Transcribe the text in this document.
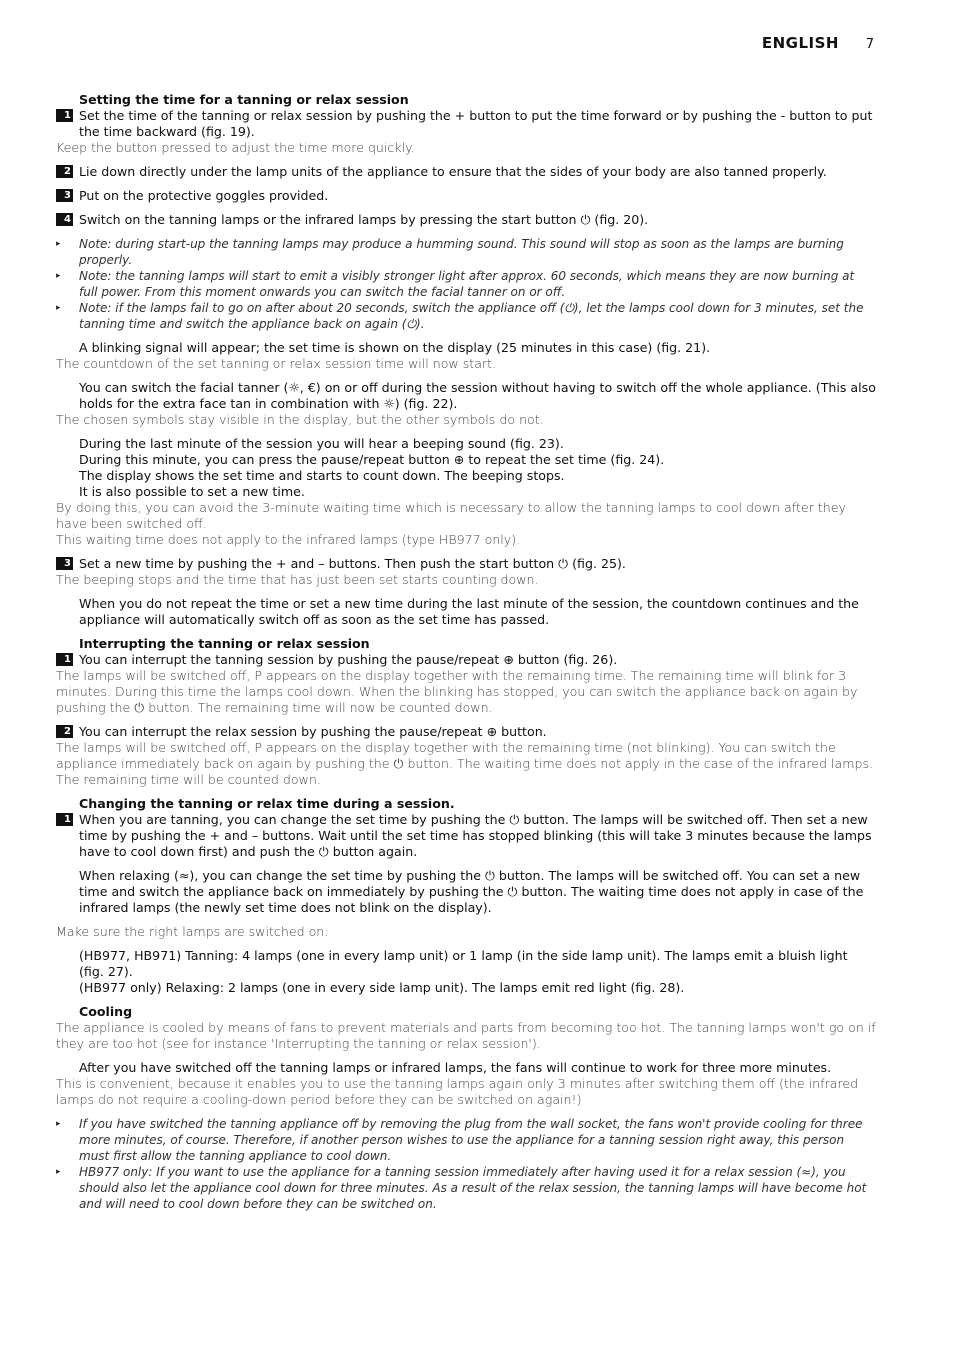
ENGLISH 7
Setting the time for a tanning or relax session
1 Set the time of the tanning or relax session by pushing the + button to put the time forward or by pushing the - button to put the time backward (fig. 19).
Keep the button pressed to adjust the time more quickly.
2 Lie down directly under the lamp units of the appliance to ensure that the sides of your body are also tanned properly.
3 Put on the protective goggles provided.
4 Switch on the tanning lamps or the infrared lamps by pressing the start button ⏻ (fig. 20).
▸ Note: during start-up the tanning lamps may produce a humming sound. This sound will stop as soon as the lamps are burning properly.
▸ Note: the tanning lamps will start to emit a visibly stronger light after approx. 60 seconds, which means they are now burning at full power. From this moment onwards you can switch the facial tanner on or off.
▸ Note: if the lamps fail to go on after about 20 seconds, switch the appliance off (⏻), let the lamps cool down for 3 minutes, set the tanning time and switch the appliance back on again (⏻).
A blinking signal will appear; the set time is shown on the display (25 minutes in this case) (fig. 21).
The countdown of the set tanning or relax session time will now start.
You can switch the facial tanner (☼, €) on or off during the session without having to switch off the whole appliance. (This also holds for the extra face tan in combination with ☼) (fig. 22).
The chosen symbols stay visible in the display, but the other symbols do not.
During the last minute of the session you will hear a beeping sound (fig. 23).
During this minute, you can press the pause/repeat button ⊕ to repeat the set time (fig. 24).
The display shows the set time and starts to count down. The beeping stops.
It is also possible to set a new time.
By doing this, you can avoid the 3-minute waiting time which is necessary to allow the tanning lamps to cool down after they have been switched off.
This waiting time does not apply to the infrared lamps (type HB977 only).
3 Set a new time by pushing the + and – buttons. Then push the start button ⏻ (fig. 25).
The beeping stops and the time that has just been set starts counting down.
When you do not repeat the time or set a new time during the last minute of the session, the countdown continues and the appliance will automatically switch off as soon as the set time has passed.
Interrupting the tanning or relax session
1 You can interrupt the tanning session by pushing the pause/repeat ⊕ button (fig. 26).
The lamps will be switched off, P appears on the display together with the remaining time. The remaining time will blink for 3 minutes. During this time the lamps cool down. When the blinking has stopped, you can switch the appliance back on again by pushing the ⏻ button. The remaining time will now be counted down.
2 You can interrupt the relax session by pushing the pause/repeat ⊕ button.
The lamps will be switched off, P appears on the display together with the remaining time (not blinking). You can switch the appliance immediately back on again by pushing the ⏻ button. The waiting time does not apply in the case of the infrared lamps. The remaining time will be counted down.
Changing the tanning or relax time during a session.
1 When you are tanning, you can change the set time by pushing the ⏻ button. The lamps will be switched off. Then set a new time by pushing the + and – buttons. Wait until the set time has stopped blinking (this will take 3 minutes because the lamps have to cool down first) and push the ⏻ button again.
When relaxing (≈), you can change the set time by pushing the ⏻ button. The lamps will be switched off. You can set a new time and switch the appliance back on immediately by pushing the ⏻ button. The waiting time does not apply in case of the infrared lamps (the newly set time does not blink on the display).
Make sure the right lamps are switched on:
(HB977, HB971) Tanning: 4 lamps (one in every lamp unit) or 1 lamp (in the side lamp unit). The lamps emit a bluish light (fig. 27).
(HB977 only) Relaxing: 2 lamps (one in every side lamp unit). The lamps emit red light (fig. 28).
Cooling
The appliance is cooled by means of fans to prevent materials and parts from becoming too hot. The tanning lamps won't go on if they are too hot (see for instance 'Interrupting the tanning or relax session').
After you have switched off the tanning lamps or infrared lamps, the fans will continue to work for three more minutes.
This is convenient, because it enables you to use the tanning lamps again only 3 minutes after switching them off (the infrared lamps do not require a cooling-down period before they can be switched on again!)
▸ If you have switched the tanning appliance off by removing the plug from the wall socket, the fans won't provide cooling for three more minutes, of course. Therefore, if another person wishes to use the appliance for a tanning session right away, this person must first allow the tanning appliance to cool down.
▸ HB977 only: If you want to use the appliance for a tanning session immediately after having used it for a relax session (≈), you should also let the appliance cool down for three minutes. As a result of the relax session, the tanning lamps will have become hot and will need to cool down before they can be switched on.
